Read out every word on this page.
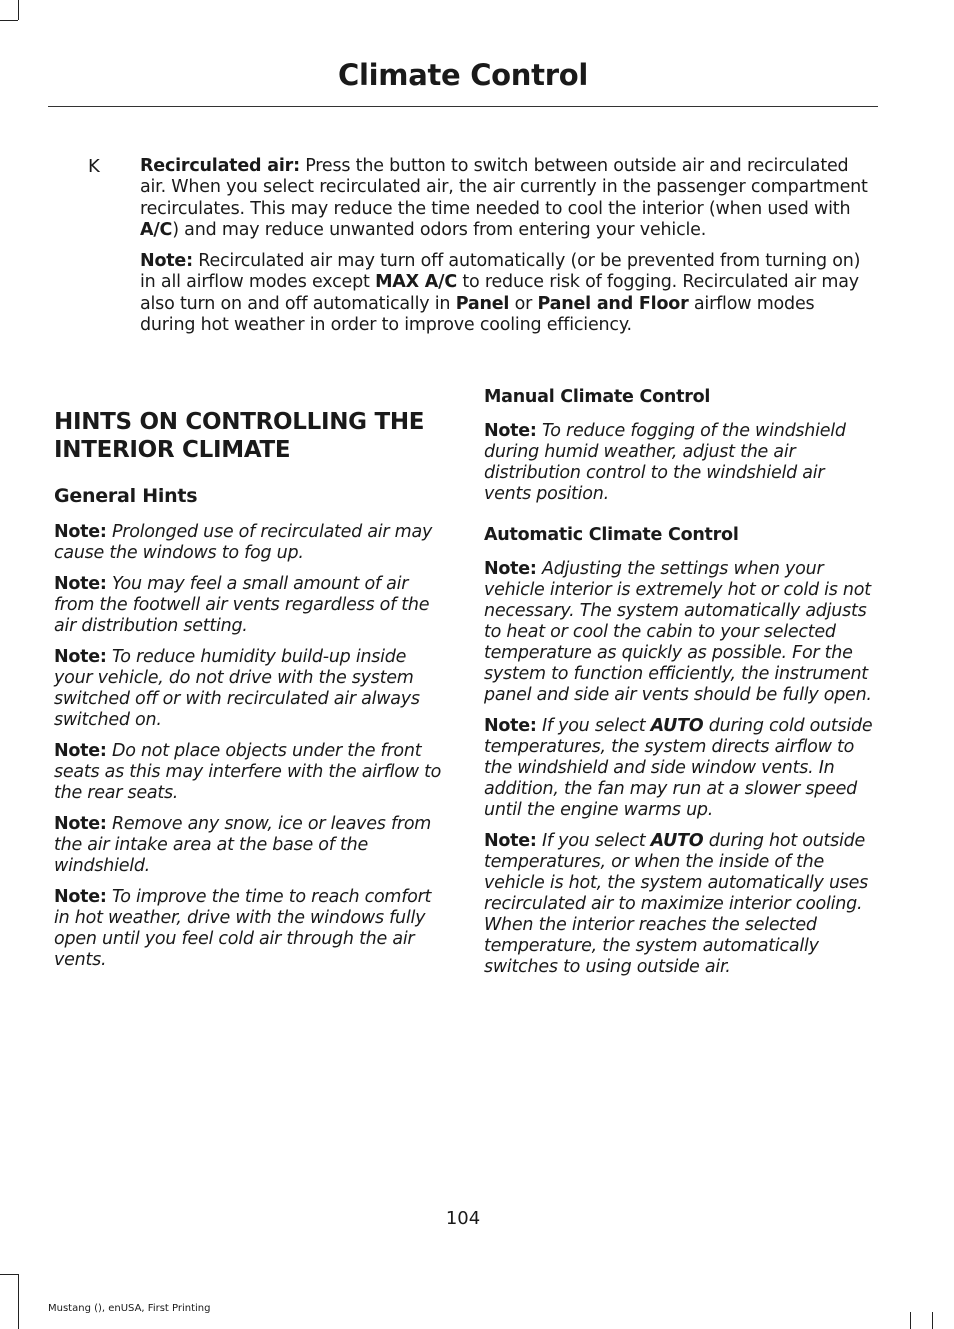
Climate Control
K Recirculated air: Press the button to switch between outside air and recirculated air. When you select recirculated air, the air currently in the passenger compartment recirculates. This may reduce the time needed to cool the interior (when used with A/C) and may reduce unwanted odors from entering your vehicle.

Note: Recirculated air may turn off automatically (or be prevented from turning on) in all airflow modes except MAX A/C to reduce risk of fogging. Recirculated air may also turn on and off automatically in Panel or Panel and Floor airflow modes during hot weather in order to improve cooling efficiency.

HINTS ON CONTROLLING THE INTERIOR CLIMATE
General Hints

Note: Prolonged use of recirculated air may cause the windows to fog up.

Note: You may feel a small amount of air from the footwell air vents regardless of the air distribution setting.

Note: To reduce humidity build-up inside your vehicle, do not drive with the system switched off or with recirculated air always switched on.

Note: Do not place objects under the front seats as this may interfere with the airflow to the rear seats.

Note: Remove any snow, ice or leaves from the air intake area at the base of the windshield.

Note: To improve the time to reach comfort in hot weather, drive with the windows fully open until you feel cold air through the air vents.

Manual Climate Control

Note: To reduce fogging of the windshield during humid weather, adjust the air distribution control to the windshield air vents position.

Automatic Climate Control

Note: Adjusting the settings when your vehicle interior is extremely hot or cold is not necessary. The system automatically adjusts to heat or cool the cabin to your selected temperature as quickly as possible. For the system to function efficiently, the instrument panel and side air vents should be fully open.

Note: If you select AUTO during cold outside temperatures, the system directs airflow to the windshield and side window vents. In addition, the fan may run at a slower speed until the engine warms up.

Note: If you select AUTO during hot outside temperatures, or when the inside of the vehicle is hot, the system automatically uses recirculated air to maximize interior cooling. When the interior reaches the selected temperature, the system automatically switches to using outside air.

104
Mustang (), enUSA, First Printing
